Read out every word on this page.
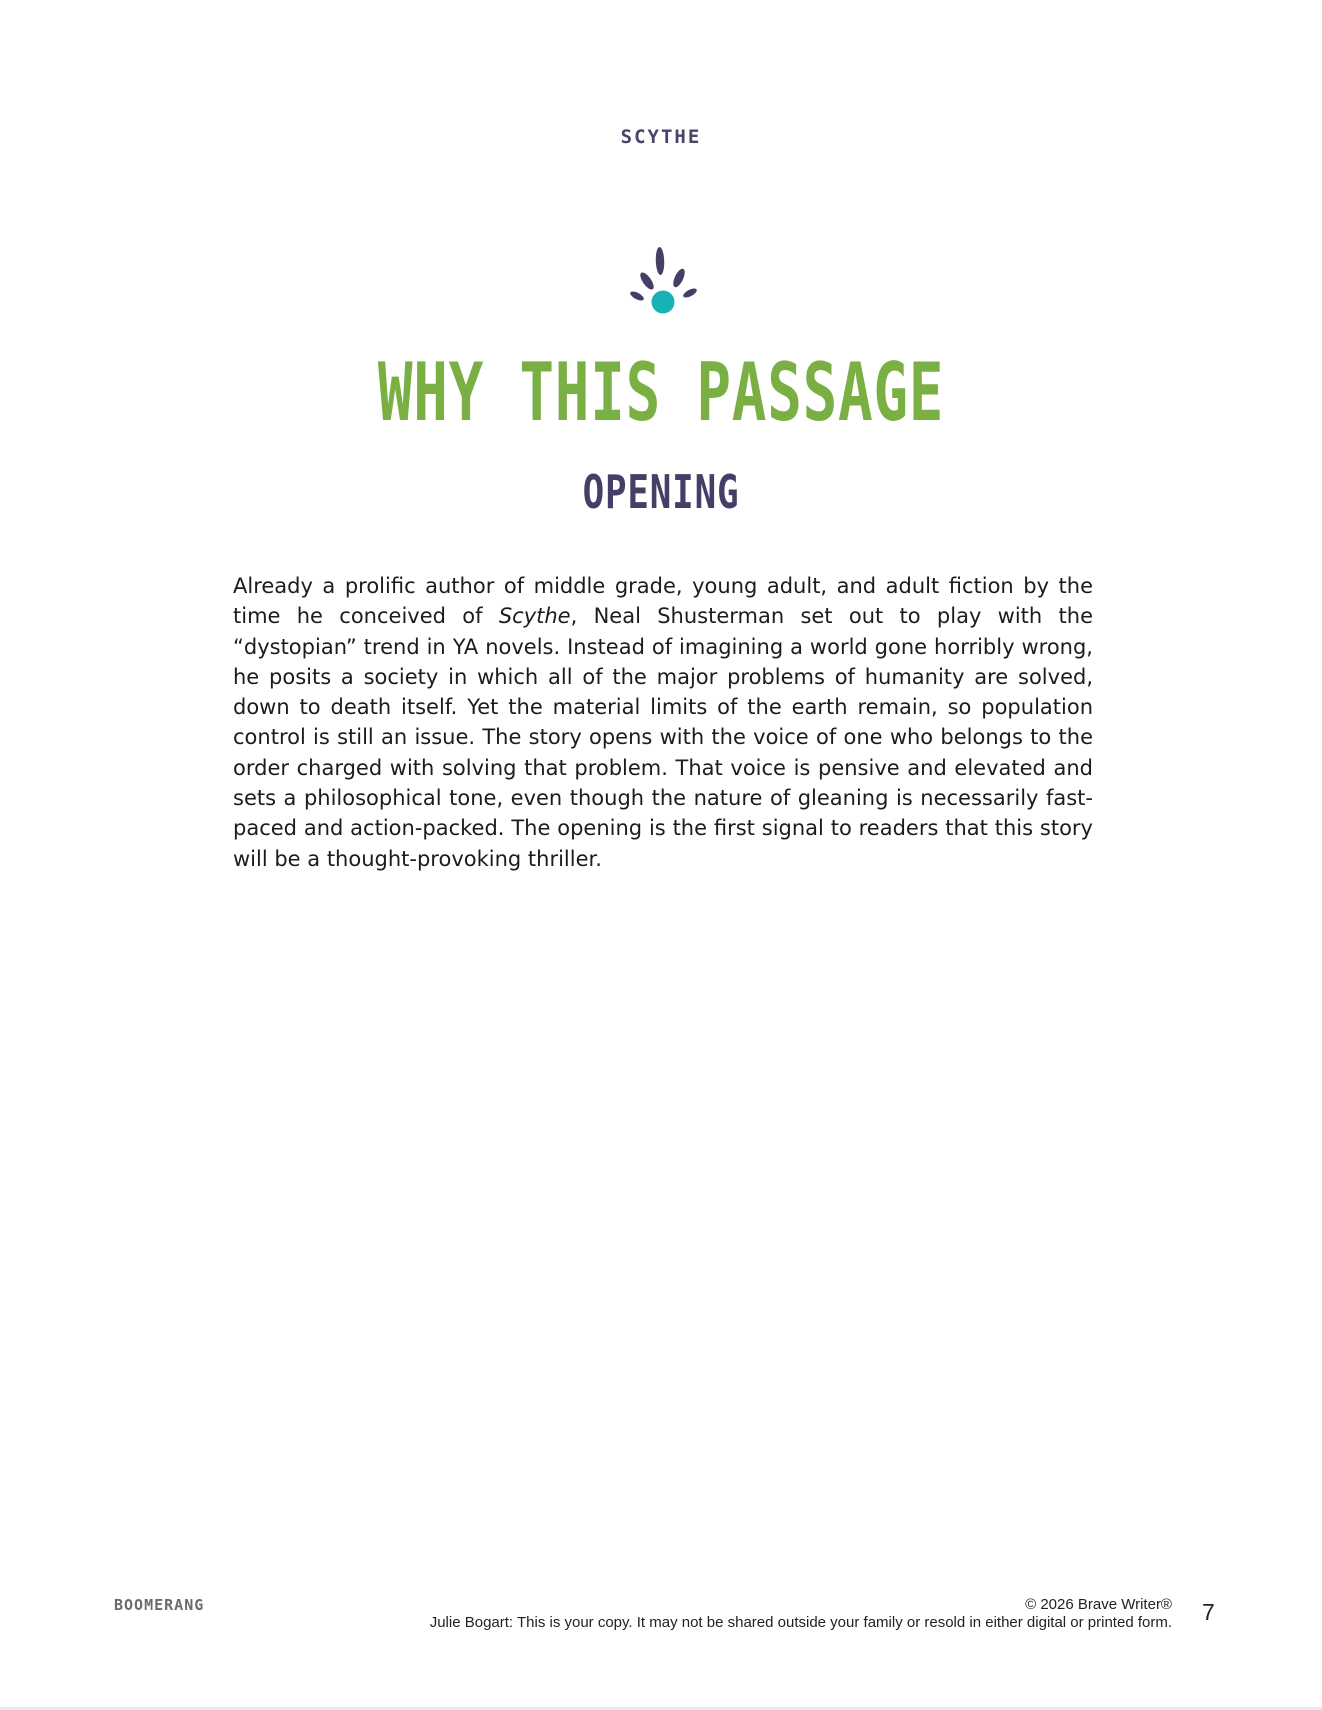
SCYTHE
WHY THIS PASSAGE
OPENING

Already a prolific author of middle grade, young adult, and adult fiction by the time he conceived of Scythe, Neal Shusterman set out to play with the “dystopian” trend in YA novels. Instead of imagining a world gone horribly wrong, he posits a society in which all of the major problems of humanity are solved, down to death itself. Yet the material limits of the earth remain, so population control is still an issue. The story opens with the voice of one who belongs to the order charged with solving that problem. That voice is pensive and elevated and sets a philosophical tone, even though the nature of gleaning is necessarily fast-paced and action-packed. The opening is the first signal to readers that this story will be a thought-provoking thriller.

BOOMERANG	© 2026 Brave Writer®
Julie Bogart: This is your copy. It may not be shared outside your family or resold in either digital or printed form. 7
